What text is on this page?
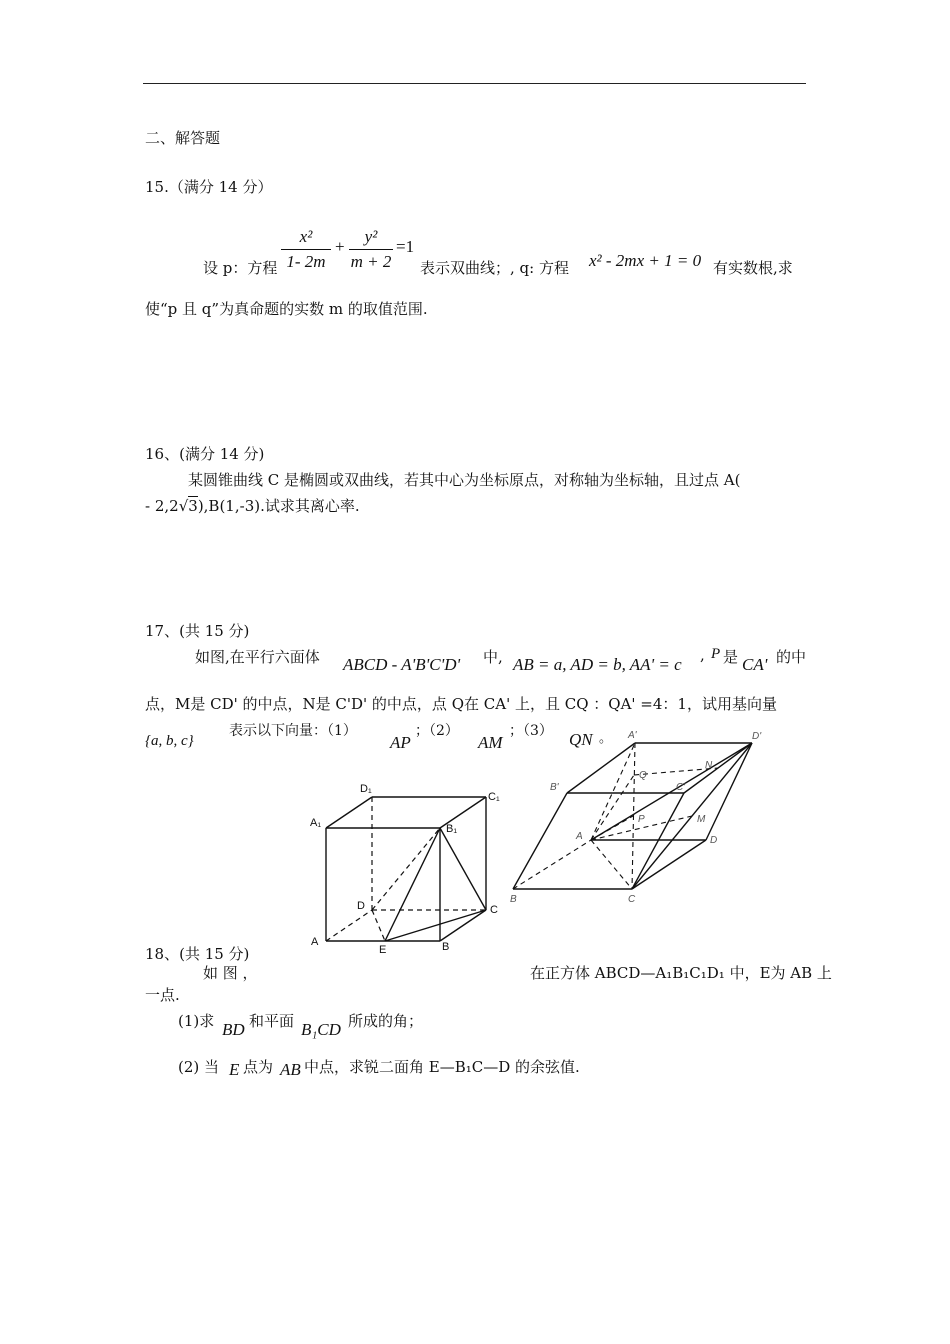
二、解答题
15.（满分 14 分）
设 p：方程
x²
1- 2m
+
y²
m + 2
=1
表示双曲线；, q: 方程 x² - 2mx + 1 = 0 有实数根,求
使“p 且 q”为真命题的实数 m 的取值范围.
16、(满分 14 分)
某圆锥曲线 C 是椭圆或双曲线，若其中心为坐标原点，对称轴为坐标轴，且过点 A(
- 2,2√3),B(1,-3).试求其离心率.
17、(共 15 分)
如图,在平行六面体 ABCD - A'B'C'D' 中, AB = a, AD = b, AA' = c , P 是 CA' 的中
点，M是 CD' 的中点，N是 C'D' 的中点，点 Q在 CA' 上，且 CQ ：QA' =4：1，试用基向量
{a, b, c}
表示以下向量：（1）
AP
；（2）
AM
；（3） QN 。
D₁
C₁
A₁	B₁
D	C
A
E	B
A'	D'
B'	C'
Q
N
P	M
A	D
B	C
18、(共 15 分)
如 图 ，	在正方体 ABCD—A₁B₁C₁D₁ 中，E为 AB 上
一点.
(1)求 BD 和平面 B₁CD 所成的角；
(2) 当 E 点为 AB 中点，求锐二面角 E—B₁C—D 的余弦值.
